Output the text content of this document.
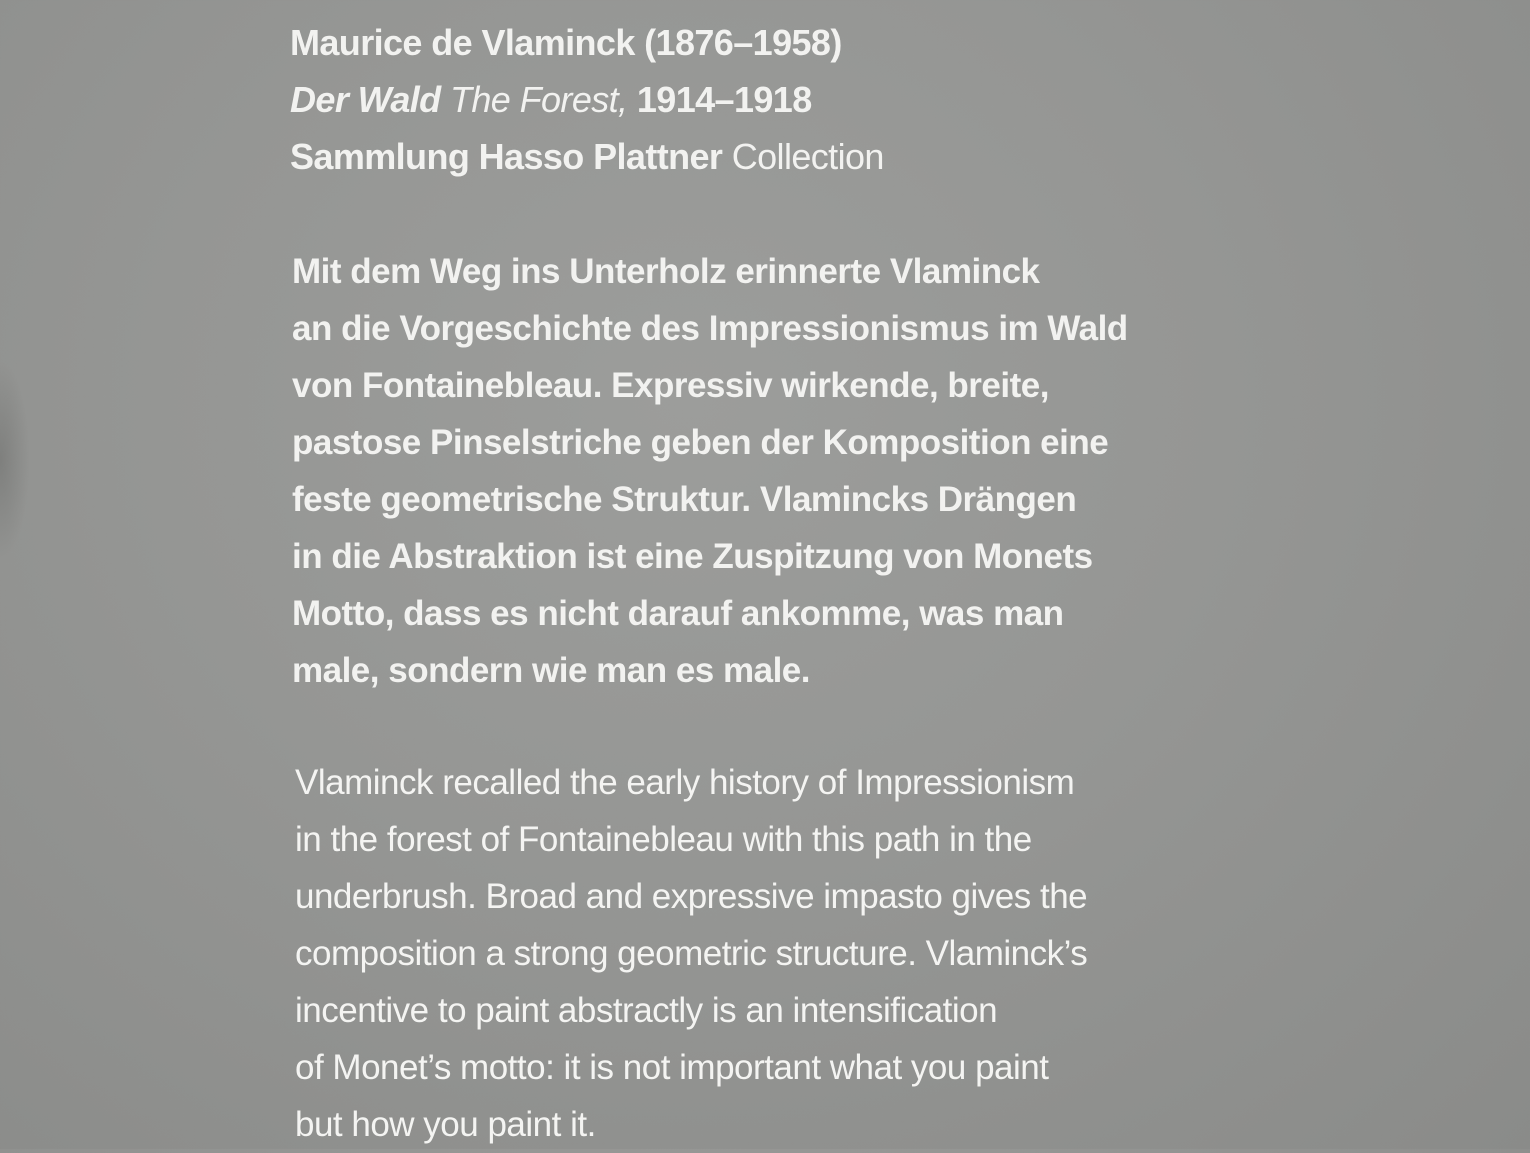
Maurice de Vlaminck (1876–1958)

Der Wald The Forest, 1914–1918

Sammlung Hasso Plattner Collection

Mit dem Weg ins Unterholz erinnerte Vlaminck

an die Vorgeschichte des Impressionismus im Wald

von Fontainebleau. Expressiv wirkende, breite,

pastose Pinselstriche geben der Komposition eine

feste geometrische Struktur. Vlamincks Drängen

in die Abstraktion ist eine Zuspitzung von Monets

Motto, dass es nicht darauf ankomme, was man

male, sondern wie man es male.

Vlaminck recalled the early history of Impressionism

in the forest of Fontainebleau with this path in the

underbrush. Broad and expressive impasto gives the

composition a strong geometric structure. Vlaminck’s

incentive to paint abstractly is an intensification

of Monet’s motto: it is not important what you paint

but how you paint it.
